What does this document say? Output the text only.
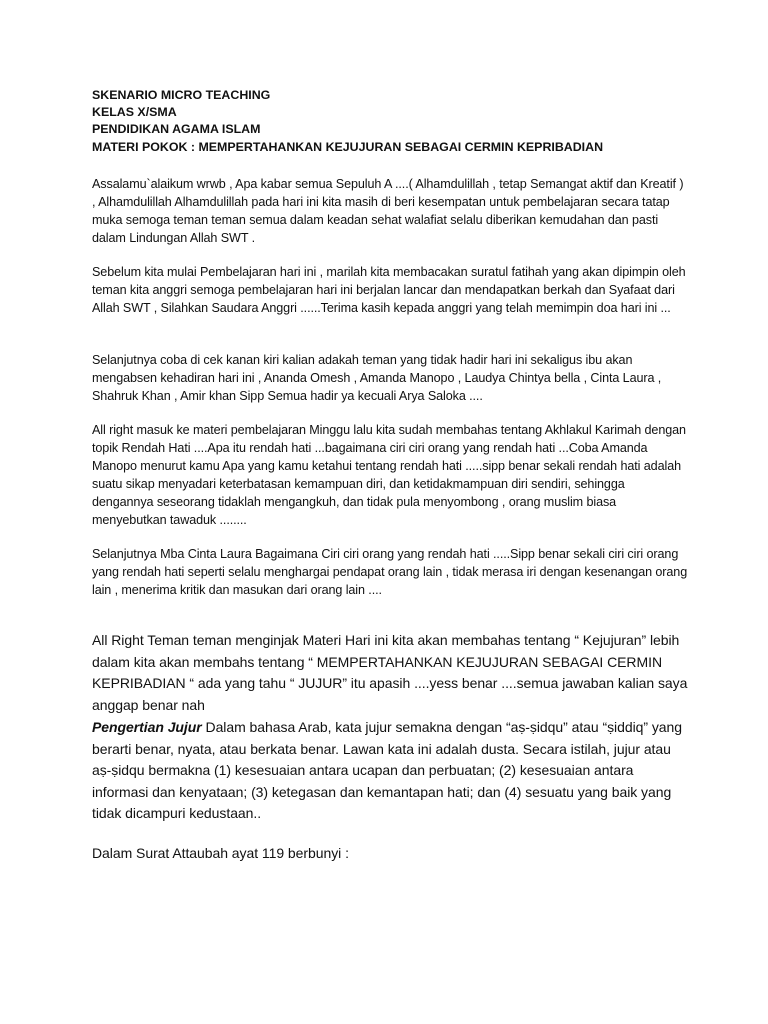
SKENARIO MICRO TEACHING
KELAS X/SMA
PENDIDIKAN AGAMA ISLAM
MATERI POKOK : MEMPERTAHANKAN KEJUJURAN SEBAGAI CERMIN KEPRIBADIAN

Assalamu`alaikum wrwb , Apa kabar semua Sepuluh A ....( Alhamdulillah , tetap Semangat aktif dan Kreatif ) , Alhamdulillah Alhamdulillah pada hari ini kita masih di beri kesempatan untuk pembelajaran secara tatap muka semoga teman teman semua dalam keadan sehat walafiat selalu diberikan kemudahan dan pasti dalam Lindungan Allah SWT .

Sebelum kita mulai Pembelajaran hari ini , marilah kita membacakan suratul fatihah yang akan dipimpin oleh teman kita anggri semoga pembelajaran hari ini berjalan lancar dan mendapatkan berkah dan Syafaat dari Allah SWT , Silahkan Saudara Anggri ......Terima kasih kepada anggri yang telah memimpin doa hari ini ...

Selanjutnya coba di cek kanan kiri kalian adakah teman yang tidak hadir hari ini sekaligus ibu akan mengabsen kehadiran hari ini , Ananda Omesh , Amanda Manopo , Laudya Chintya bella , Cinta Laura , Shahruk Khan , Amir khan Sipp Semua hadir ya kecuali Arya Saloka ....

All right masuk ke materi pembelajaran Minggu lalu kita sudah membahas tentang Akhlakul Karimah dengan topik Rendah Hati ....Apa itu rendah hati ...bagaimana ciri ciri orang yang rendah hati ...Coba Amanda Manopo menurut kamu Apa yang kamu ketahui tentang rendah hati .....sipp benar sekali rendah hati adalah suatu sikap menyadari keterbatasan kemampuan diri, dan ketidakmampuan diri sendiri, sehingga dengannya seseorang tidaklah mengangkuh, dan tidak pula menyombong , orang muslim biasa menyebutkan tawaduk ........

Selanjutnya Mba Cinta Laura Bagaimana Ciri ciri orang yang rendah hati .....Sipp benar sekali ciri ciri orang yang rendah hati seperti selalu menghargai pendapat orang lain , tidak merasa iri dengan kesenangan orang lain , menerima kritik dan masukan dari orang lain ....

All Right Teman teman menginjak Materi Hari ini kita akan membahas tentang “ Kejujuran” lebih dalam kita akan membahs tentang “ MEMPERTAHANKAN KEJUJURAN SEBAGAI CERMIN KEPRIBADIAN “ ada yang tahu “ JUJUR” itu apasih ....yess benar ....semua jawaban kalian saya anggap benar nah

Pengertian Jujur Dalam bahasa Arab, kata jujur semakna dengan “aṣ-ṣidqu” atau “ṣiddiq” yang berarti benar, nyata, atau berkata benar. Lawan kata ini adalah dusta. Secara istilah, jujur atau aṣ-ṣidqu bermakna (1) kesesuaian antara ucapan dan perbuatan; (2) kesesuaian antara informasi dan kenyataan; (3) ketegasan dan kemantapan hati; dan (4) sesuatu yang baik yang tidak dicampuri kedustaan..

Dalam Surat Attaubah ayat 119 berbunyi :
